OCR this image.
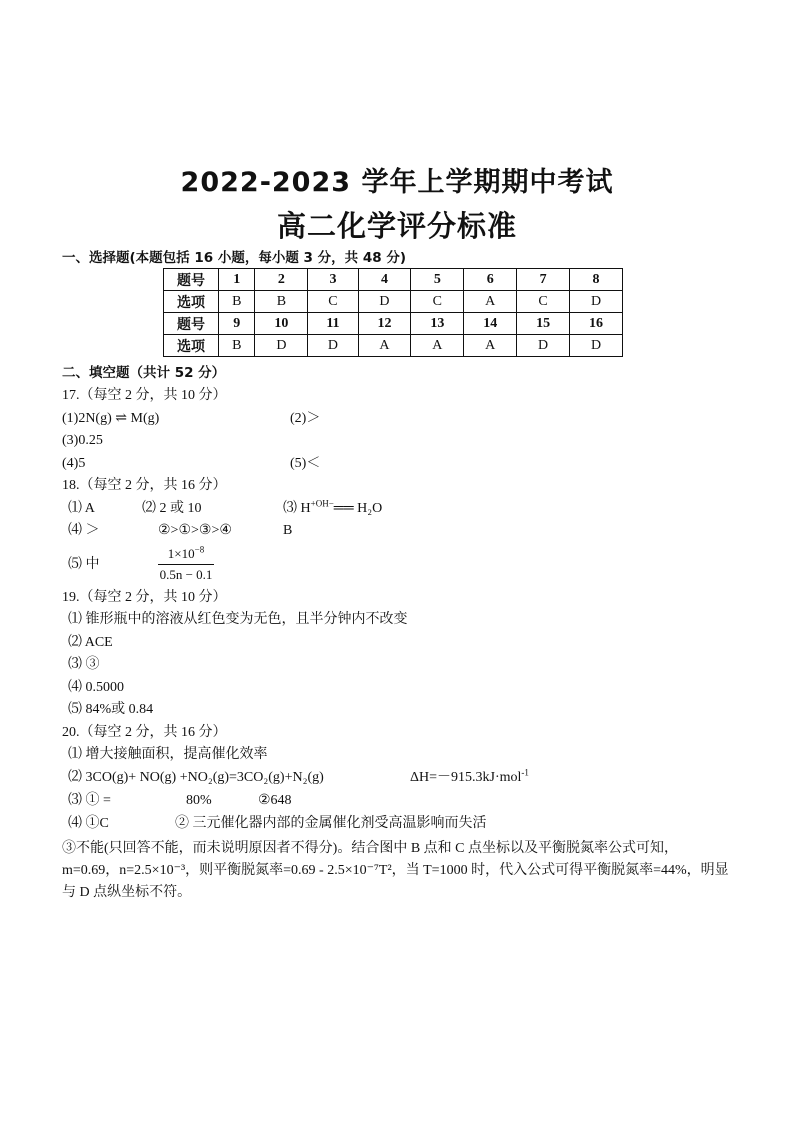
2022-2023 学年上学期期中考试
高二化学评分标准
一、选择题(本题包括 16 小题，每小题 3 分，共 48 分)
题号	1	2	3	4	5	6	7	8
选项	B	B	C	D	C	A	C	D
题号	9	10	11	12	13	14	15	16
选项	B	D	D	A	A	A	D	D
二、填空题（共计 52 分）
17.（每空 2 分，共 10 分）
(1)2N(g) ⇌ M(g)	(2)＞
(3)0.25
(4)5	(5)＜
18.（每空 2 分，共 16 分）
⑴ A	⑵ 2 或 10	⑶ $H^{+OH-}══$ H₂O
⑷ ＞	②>①>③>④	B
⑸ 中	$\frac{1\times 10^{-8}}{0.5n - 0.1}$
19.（每空 2 分，共 10 分）
⑴ 锥形瓶中的溶液从红色变为无色，且半分钟内不改变
⑵ ACE
⑶ ③
⑷ 0.5000
⑸ 84%或 0.84
20.（每空 2 分，共 16 分）
⑴ 增大接触面积，提高催化效率
⑵ 3CO(g)+ NO(g) +NO₂(g)=3CO₂(g)+N₂(g)	ΔH=－915.3kJ·mol$^{-1}$
⑶ ① =	80%	②648
⑷ ①C	② 三元催化器内部的金属催化剂受高温影响而失活
③不能(只回答不能，而未说明原因者不得分)。结合图中 B 点和 C 点坐标以及平衡脱氮率公式可知，m=0.69，n=2.5×10⁻³，则平衡脱氮率=0.69 - 2.5×10⁻⁷T²，当 T=1000 时，代入公式可得平衡脱氮率=44%，明显与 D 点纵坐标不符。
